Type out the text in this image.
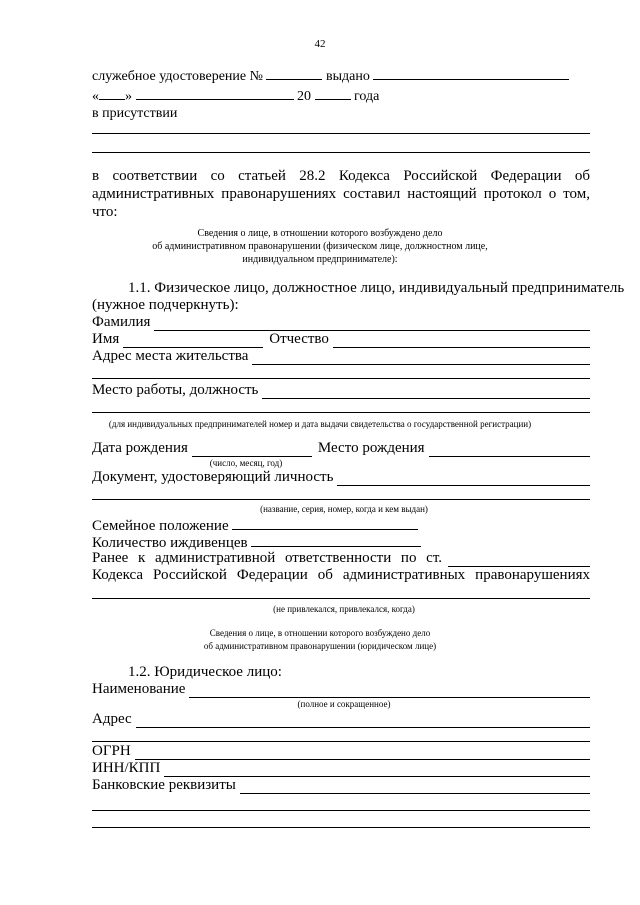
42
служебное удостоверение №	выдано
« »	20	года
в присутствии
в соответствии со статьей 28.2 Кодекса Российской Федерации об
административных правонарушениях составил настоящий протокол о том,
что:
Сведения о лице, в отношении которого возбуждено дело
об административном правонарушении (физическом лице, должностном лице,
индивидуальном предпринимателе):
1.1. Физическое лицо, должностное лицо, индивидуальный предприниматель
(нужное подчеркнуть):
Фамилия
Имя	Отчество
Адрес места жительства
Место работы, должность
(для индивидуальных предпринимателей номер и дата выдачи свидетельства о государственной регистрации)
Дата рождения	Место рождения
(число, месяц, год)
Документ, удостоверяющий личность
(название, серия, номер, когда и кем выдан)
Семейное положение
Количество иждивенцев
Ранее к административной ответственности по ст.
Кодекса Российской Федерации об административных правонарушениях
(не привлекался, привлекался, когда)
Сведения о лице, в отношении которого возбуждено дело
об административном правонарушении (юридическом лице)
1.2. Юридическое лицо:
Наименование
(полное и сокращенное)
Адрес
ОГРН
ИНН/КПП
Банковские реквизиты
